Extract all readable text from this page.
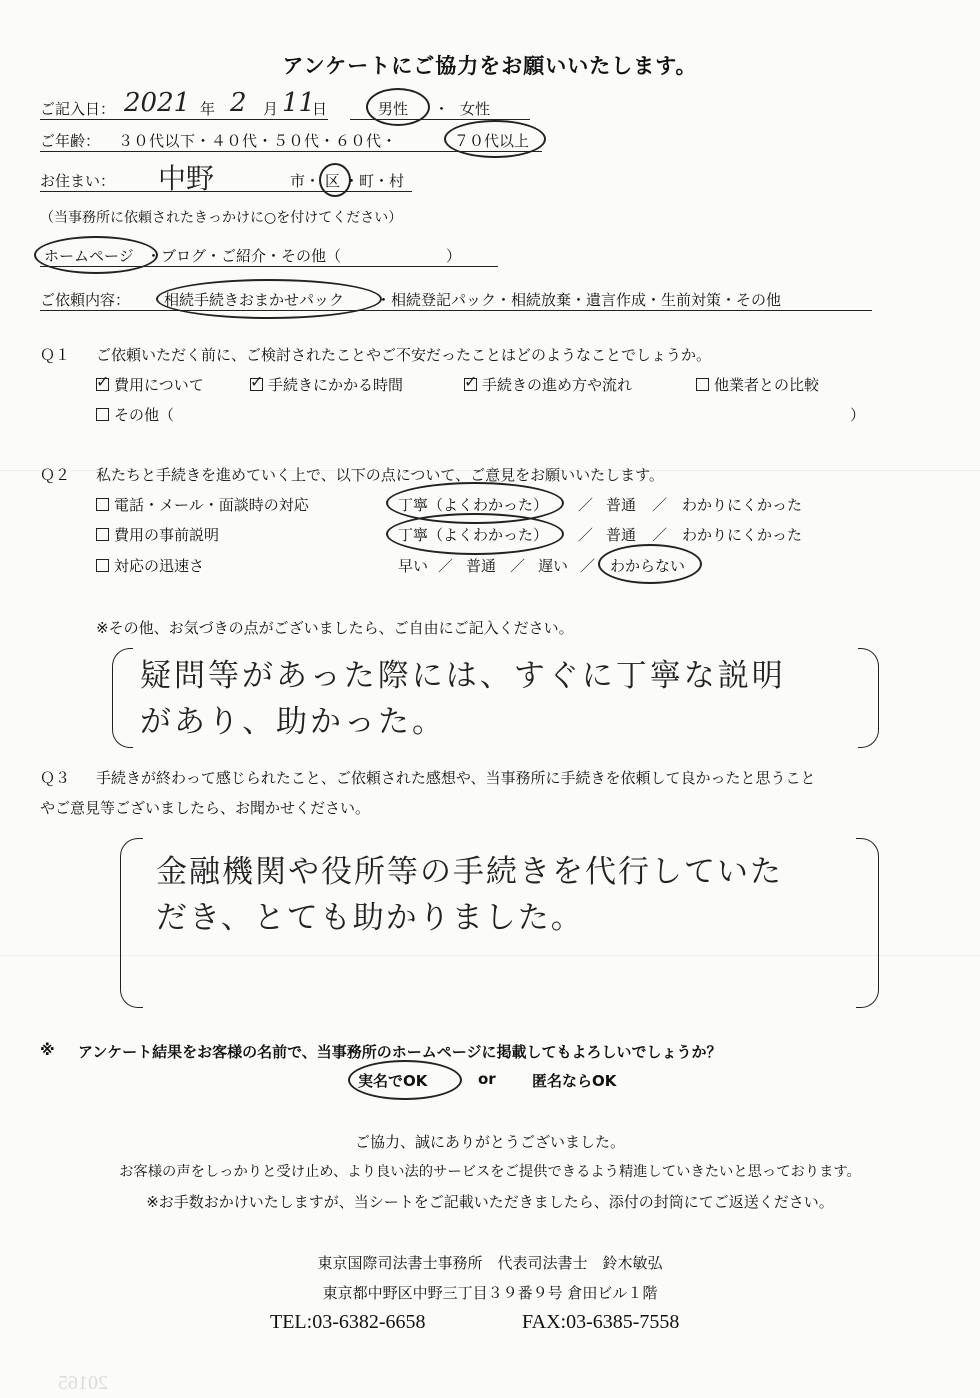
アンケートにご協力をお願いいたします。
ご記入日： 2021 年 2 月 11
日	男性 ・ 女性
ご年齢： ３０代以下・４０代・５０代・６０代・	７０代以上
お住まい： 中野	市・ 区 ・町・村
（当事務所に依頼されたきっかけに○を付けてください）
ホームページ ・ブログ・ご紹介・その他（　　　　　　　）
ご依頼内容： 相続手続きおまかせパック ・相続登記パック・相続放棄・遺言作成・生前対策・その他
Ｑ１ ご依頼いただく前に、ご検討されたことやご不安だったことはどのようなことでしょうか。
✓費用について ✓	手続きにかかる時間 ✓	手続きの進め方や流れ	他業者との比較
その他（	）
Ｑ２ 私たちと手続きを進めていく上で、以下の点について、ご意見をお願いいたします。
電話・メール・面談時の対応	丁寧（よくわかった） ／ 普通 ／ わかりにくかった
費用の事前説明	丁寧（よくわかった） ／ 普通 ／ わかりにくかった
対応の迅速さ	早い ／ 普通 ／ 遅い ／ わからない
※その他、お気づきの点がございましたら、ご自由にご記入ください。
疑問等があった際には、すぐに丁寧な説明
があり、助かった。
Ｑ３ 手続きが終わって感じられたこと、ご依頼された感想や、当事務所に手続きを依頼して良かったと思うこと
やご意見等ございましたら、お聞かせください。
金融機関や役所等の手続きを代行していた
だき、とても助かりました。
※ アンケート結果をお客様の名前で、当事務所のホームページに掲載してもよろしいでしょうか？
実名でOK	or 匿名ならOK
ご協力、誠にありがとうございました。
お客様の声をしっかりと受け止め、より良い法的サービスをご提供できるよう精進していきたいと思っております。
※お手数おかけいたしますが、当シートをご記載いただきましたら、添付の封筒にてご返送ください。
東京国際司法書士事務所　代表司法書士　鈴木敏弘
東京都中野区中野三丁目３９番９号 倉田ビル１階
TEL:03-6382-6658	FAX:03-6385-7558
20165
